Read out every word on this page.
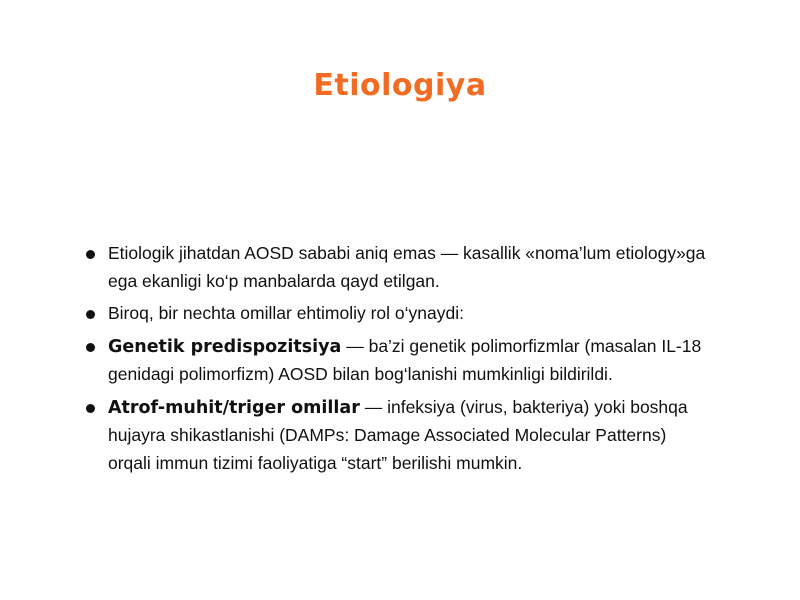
Etiologiya
Etiologik jihatdan AOSD sababi aniq emas — kasallik «noma’lum etiology»ga ega ekanligi ko‘p manbalarda qayd etilgan.
Biroq, bir nechta omillar ehtimoliy rol o‘ynaydi:
Genetik predispozitsiya — ba’zi genetik polimorfizmlar (masalan IL-18 genidagi polimorfizm) AOSD bilan bog‘lanishi mumkinligi bildirildi.
Atrof-muhit/triger omillar — infeksiya (virus, bakteriya) yoki boshqa hujayra shikastlanishi (DAMPs: Damage Associated Molecular Patterns) orqali immun tizimi faoliyatiga “start” berilishi mumkin.
